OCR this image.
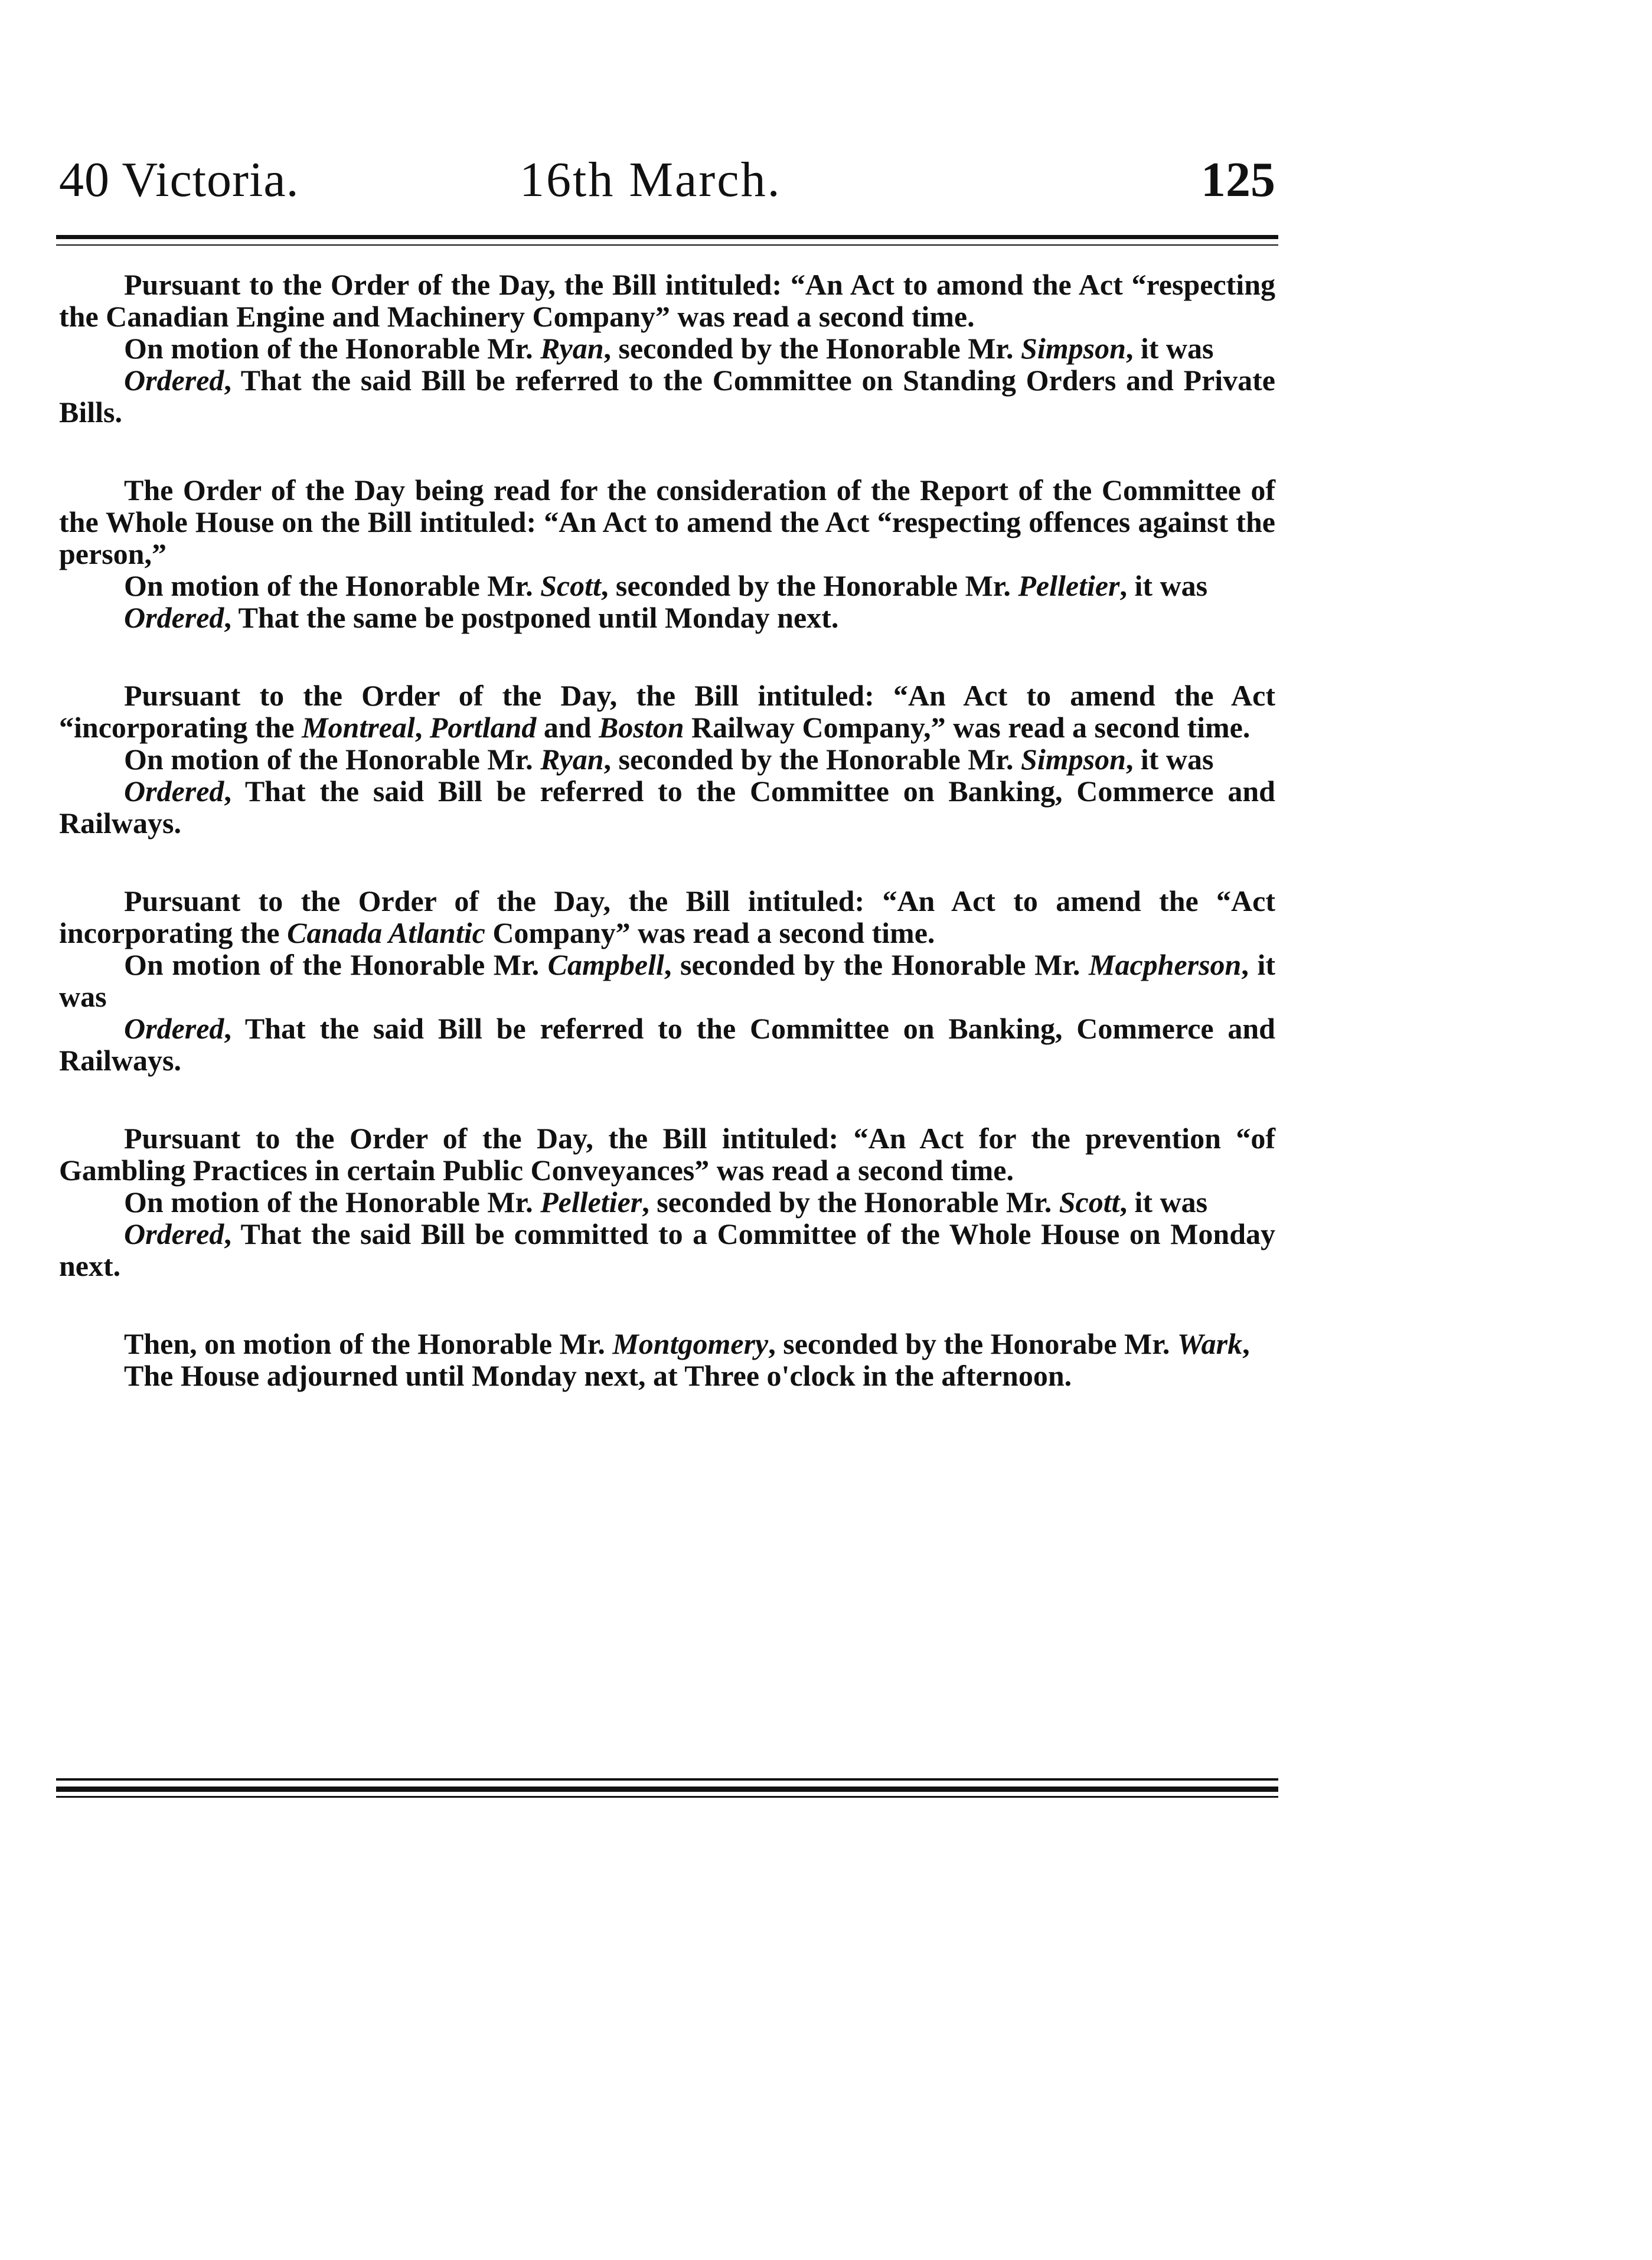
40 Victoria.	16th March.	125

Pursuant to the Order of the Day, the Bill intituled: “An Act to amond the Act “respecting the Canadian Engine and Machinery Company” was read a second time.

On motion of the Honorable Mr. Ryan, seconded by the Honorable Mr. Simpson, it was

Ordered, That the said Bill be referred to the Committee on Standing Orders and Private Bills.

The Order of the Day being read for the consideration of the Report of the Committee of the Whole House on the Bill intituled: “An Act to amend the Act “respecting offences against the person,”

On motion of the Honorable Mr. Scott, seconded by the Honorable Mr. Pelletier, it was

Ordered, That the same be postponed until Monday next.

Pursuant to the Order of the Day, the Bill intituled: “An Act to amend the Act “incorporating the Montreal, Portland and Boston Railway Company,” was read a second time.

On motion of the Honorable Mr. Ryan, seconded by the Honorable Mr. Simpson, it was

Ordered, That the said Bill be referred to the Committee on Banking, Commerce and Railways.

Pursuant to the Order of the Day, the Bill intituled: “An Act to amend the “Act incorporating the Canada Atlantic Company” was read a second time.

On motion of the Honorable Mr. Campbell, seconded by the Honorable Mr. Macpherson, it was

Ordered, That the said Bill be referred to the Committee on Banking, Commerce and Railways.

Pursuant to the Order of the Day, the Bill intituled: “An Act for the prevention “of Gambling Practices in certain Public Conveyances” was read a second time.

On motion of the Honorable Mr. Pelletier, seconded by the Honorable Mr. Scott, it was

Ordered, That the said Bill be committed to a Committee of the Whole House on Monday next.

Then, on motion of the Honorable Mr. Montgomery, seconded by the Honorabe Mr. Wark,

The House adjourned until Monday next, at Three o'clock in the afternoon.
